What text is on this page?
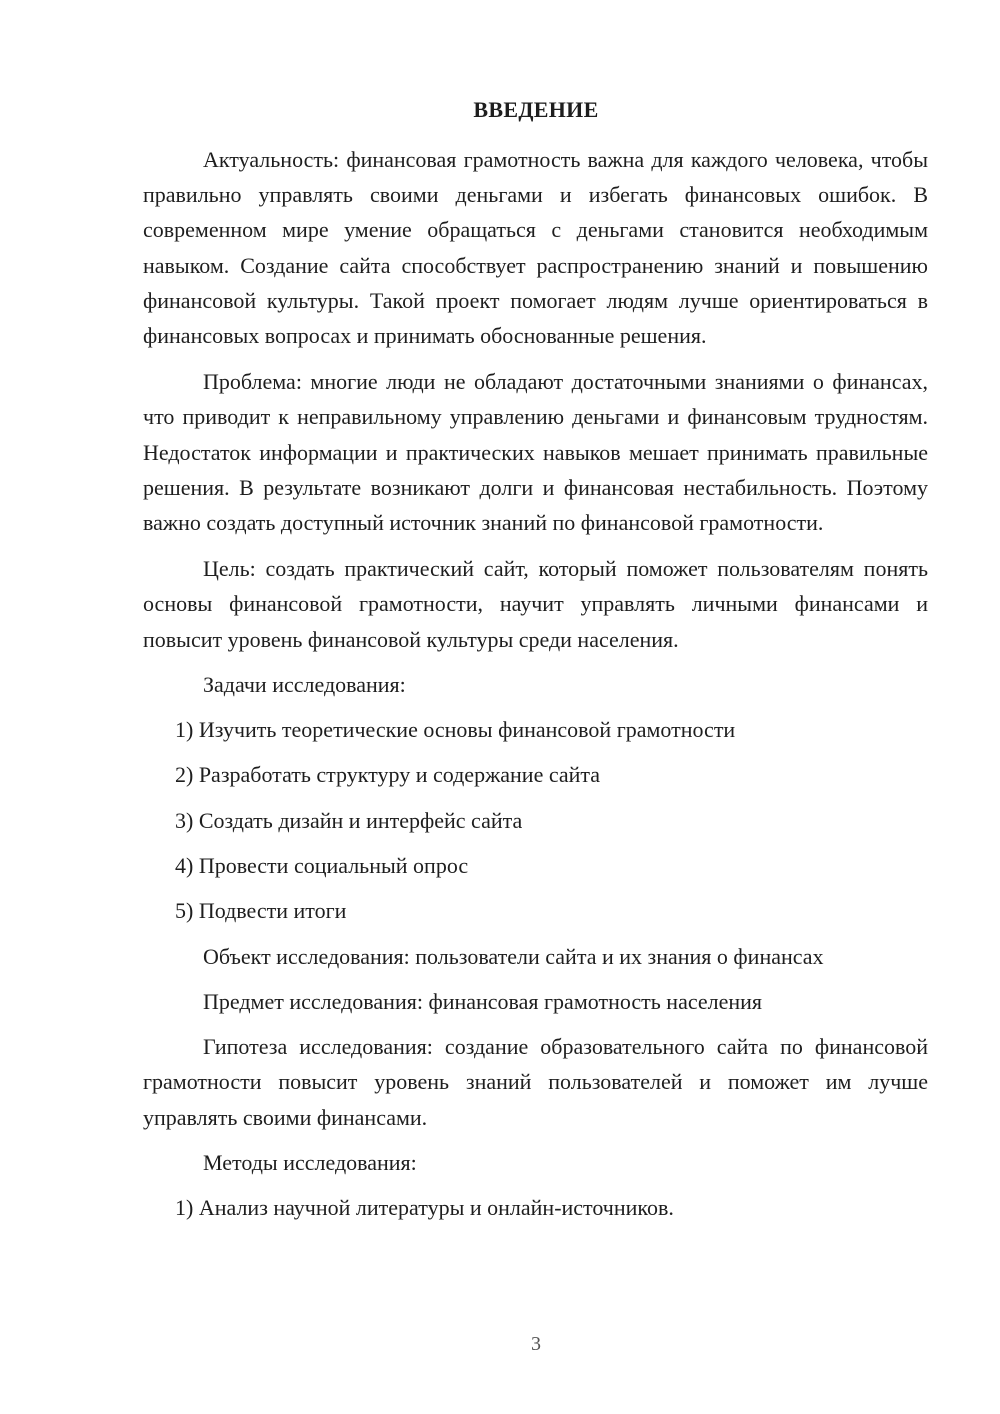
ВВЕДЕНИЕ

Актуальность: финансовая грамотность важна для каждого человека, чтобы правильно управлять своими деньгами и избегать финансовых ошибок. В современном мире умение обращаться с деньгами становится необходимым навыком. Создание сайта способствует распространению знаний и повышению финансовой культуры. Такой проект помогает людям лучше ориентироваться в финансовых вопросах и принимать обоснованные решения.

Проблема: многие люди не обладают достаточными знаниями о финансах, что приводит к неправильному управлению деньгами и финансовым трудностям. Недостаток информации и практических навыков мешает принимать правильные решения. В результате возникают долги и финансовая нестабильность. Поэтому важно создать доступный источник знаний по финансовой грамотности.

Цель: создать практический сайт, который поможет пользователям понять основы финансовой грамотности, научит управлять личными финансами и повысит уровень финансовой культуры среди населения.

Задачи исследования:

1) Изучить теоретические основы финансовой грамотности

2) Разработать структуру и содержание сайта

3) Создать дизайн и интерфейс сайта

4) Провести социальный опрос

5) Подвести итоги

Объект исследования: пользователи сайта и их знания о финансах

Предмет исследования: финансовая грамотность населения

Гипотеза исследования: создание образовательного сайта по финансовой грамотности повысит уровень знаний пользователей и поможет им лучше управлять своими финансами.

Методы исследования:

1) Анализ научной литературы и онлайн-источников.

3
